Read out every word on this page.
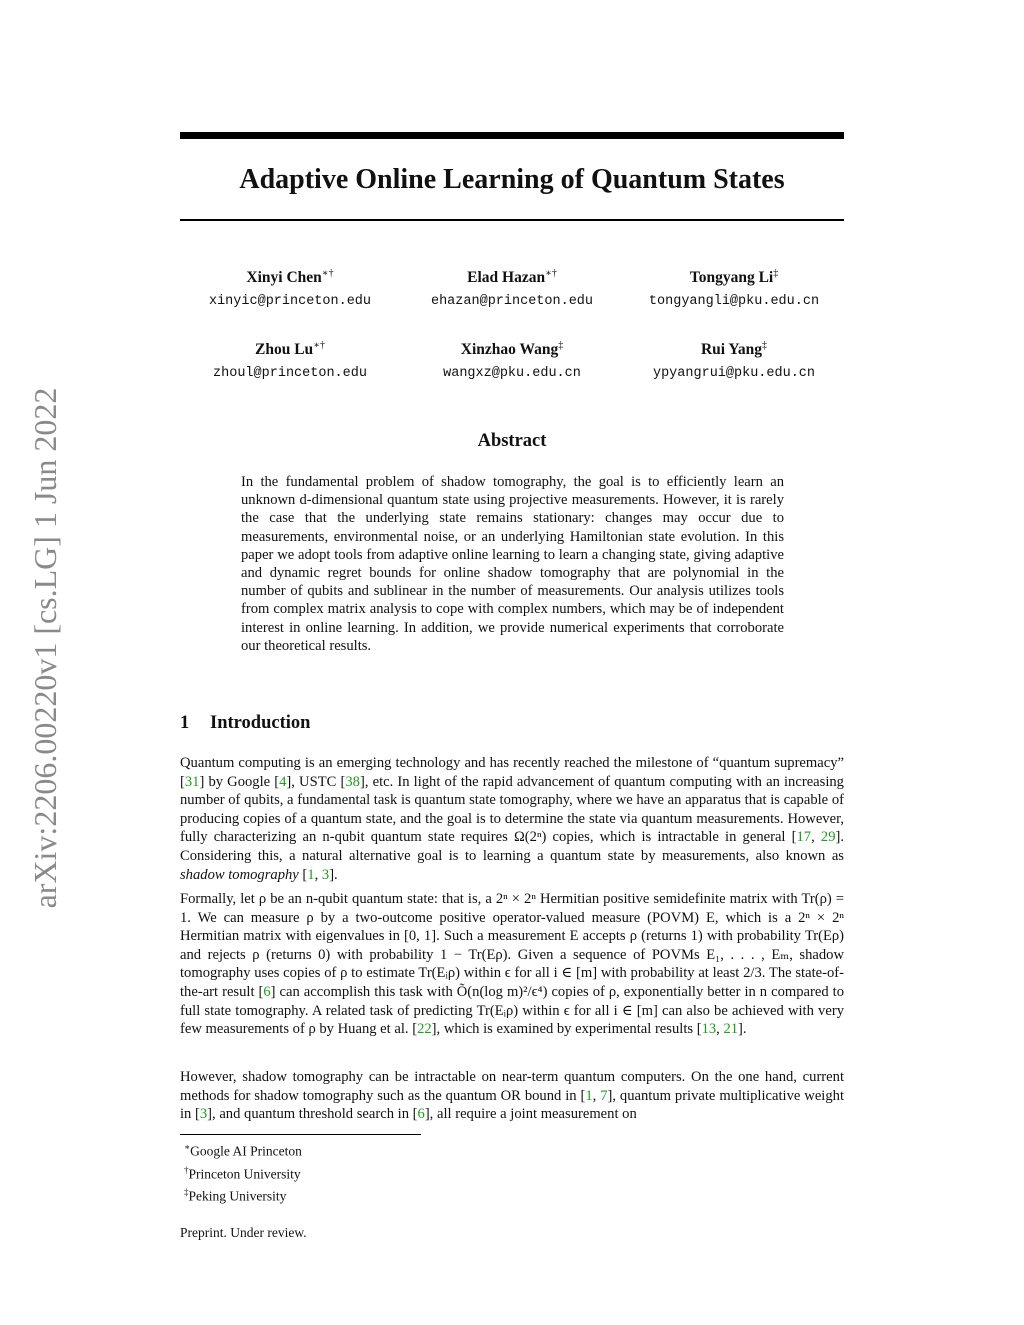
arXiv:2206.00220v1 [cs.LG] 1 Jun 2022
Adaptive Online Learning of Quantum States
Xinyi Chen∗†
xinyic@princeton.edu
Elad Hazan∗†
ehazan@princeton.edu
Tongyang Li‡
tongyangli@pku.edu.cn
Zhou Lu∗†
zhoul@princeton.edu
Xinzhao Wang‡
wangxz@pku.edu.cn
Rui Yang‡
ypyangrui@pku.edu.cn
Abstract
In the fundamental problem of shadow tomography, the goal is to efficiently learn an unknown d-dimensional quantum state using projective measurements. However, it is rarely the case that the underlying state remains stationary: changes may occur due to measurements, environmental noise, or an underlying Hamiltonian state evolution. In this paper we adopt tools from adaptive online learning to learn a changing state, giving adaptive and dynamic regret bounds for online shadow tomography that are polynomial in the number of qubits and sublinear in the number of measurements. Our analysis utilizes tools from complex matrix analysis to cope with complex numbers, which may be of independent interest in online learning. In addition, we provide numerical experiments that corroborate our theoretical results.
1 Introduction

Quantum computing is an emerging technology and has recently reached the milestone of “quantum supremacy” [31] by Google [4], USTC [38], etc. In light of the rapid advancement of quantum computing with an increasing number of qubits, a fundamental task is quantum state tomography, where we have an apparatus that is capable of producing copies of a quantum state, and the goal is to determine the state via quantum measurements. However, fully characterizing an n-qubit quantum state requires Ω(2ⁿ) copies, which is intractable in general [17, 29]. Considering this, a natural alternative goal is to learning a quantum state by measurements, also known as shadow tomography [1, 3].

Formally, let ρ be an n-qubit quantum state: that is, a 2ⁿ × 2ⁿ Hermitian positive semidefinite matrix with Tr(ρ) = 1. We can measure ρ by a two-outcome positive operator-valued measure (POVM) E, which is a 2ⁿ × 2ⁿ Hermitian matrix with eigenvalues in [0, 1]. Such a measurement E accepts ρ (returns 1) with probability Tr(Eρ) and rejects ρ (returns 0) with probability 1 − Tr(Eρ). Given a sequence of POVMs E₁, . . . , Eₘ, shadow tomography uses copies of ρ to estimate Tr(Eᵢρ) within ϵ for all i ∈ [m] with probability at least 2/3. The state-of-the-art result [6] can accomplish this task with Õ(n(log m)²/ϵ⁴) copies of ρ, exponentially better in n compared to full state tomography. A related task of predicting Tr(Eᵢρ) within ϵ for all i ∈ [m] can also be achieved with very few measurements of ρ by Huang et al. [22], which is examined by experimental results [13, 21].

However, shadow tomography can be intractable on near-term quantum computers. On the one hand, current methods for shadow tomography such as the quantum OR bound in [1, 7], quantum private multiplicative weight in [3], and quantum threshold search in [6], all require a joint measurement on

∗Google AI Princeton
†Princeton University
‡Peking University
Preprint. Under review.
